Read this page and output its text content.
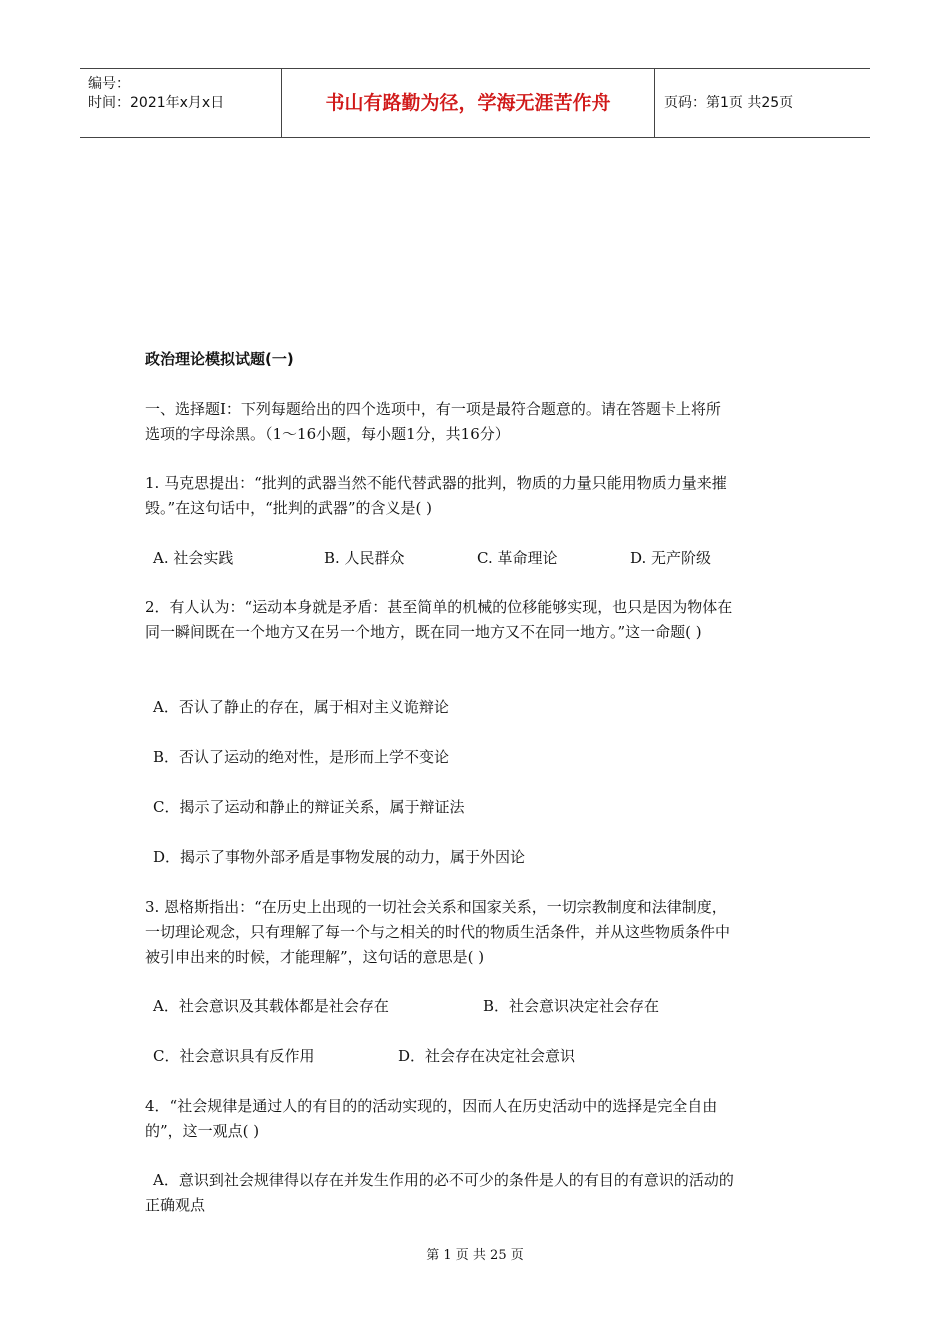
编号：
时间：2021年x月x日	书山有路勤为径，学海无涯苦作舟	页码：第1页 共25页
政治理论模拟试题(一)
一、选择题Ⅰ：下列每题给出的四个选项中，有一项是最符合题意的。请在答题卡上将所
选项的字母涂黑。（1～16小题，每小题1分，共16分）
1. 马克思提出：“批判的武器当然不能代替武器的批判，物质的力量只能用物质力量来摧
毁。”在这句话中，“批判的武器”的含义是( )
A. 社会实践	B. 人民群众	C. 革命理论	D. 无产阶级
2．有人认为：“运动本身就是矛盾：甚至简单的机械的位移能够实现，也只是因为物体在
同一瞬间既在一个地方又在另一个地方，既在同一地方又不在同一地方。”这一命题( )
A．否认了静止的存在，属于相对主义诡辩论
B．否认了运动的绝对性，是形而上学不变论
C．揭示了运动和静止的辩证关系，属于辩证法
D．揭示了事物外部矛盾是事物发展的动力，属于外因论
3. 恩格斯指出：“在历史上出现的一切社会关系和国家关系，一切宗教制度和法律制度，
一切理论观念，只有理解了每一个与之相关的时代的物质生活条件，并从这些物质条件中
被引申出来的时候，才能理解”，这句话的意思是( )
A．社会意识及其载体都是社会存在	B．社会意识决定社会存在
C．社会意识具有反作用	D．社会存在决定社会意识
4．“社会规律是通过人的有目的的活动实现的，因而人在历史活动中的选择是完全自由
的”，这一观点( )
A．意识到社会规律得以存在并发生作用的必不可少的条件是人的有目的有意识的活动的
正确观点
第 1 页 共 25 页
